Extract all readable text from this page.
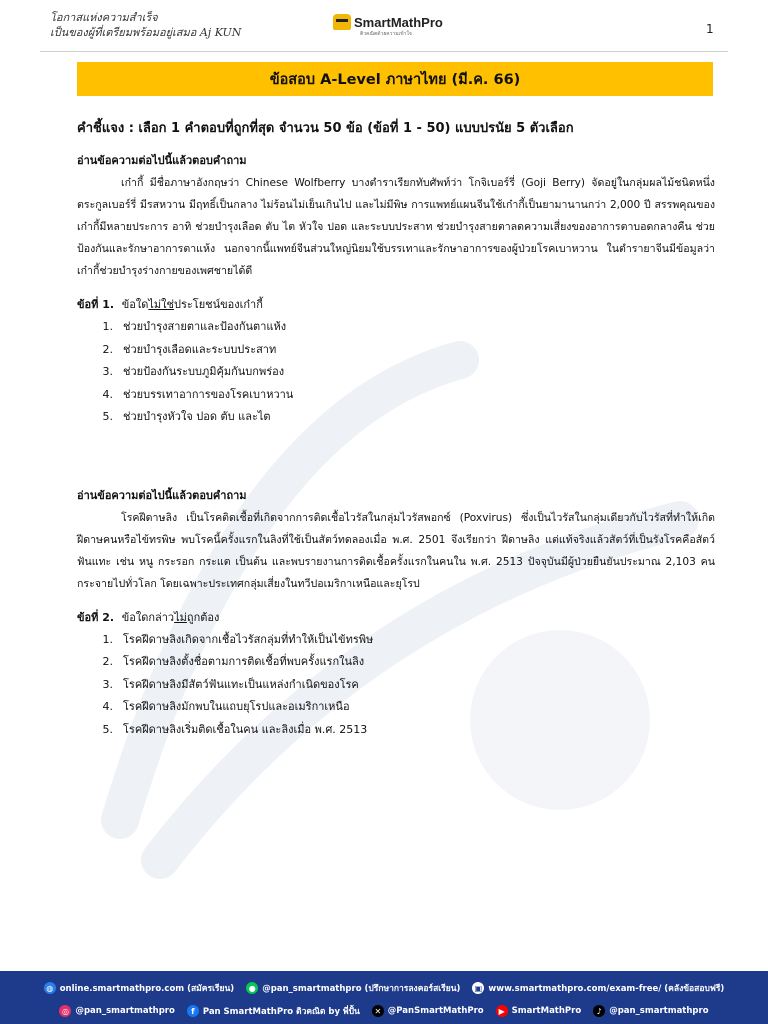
โอกาสแห่งความสำเร็จ
เป็นของผู้ที่เตรียมพร้อมอยู่เสมอ Aj KUN
SmartMathPro
ติวคณิตด้วยความเข้าใจ	1
ข้อสอบ A-Level ภาษาไทย (มี.ค. 66)

คำชี้แจง : เลือก 1 คำตอบที่ถูกที่สุด จำนวน 50 ข้อ (ข้อที่ 1 - 50) แบบปรนัย 5 ตัวเลือก

อ่านข้อความต่อไปนี้แล้วตอบคำถาม

เก๋ากี้ มีชื่อภาษาอังกฤษว่า Chinese Wolfberry บางตำราเรียกทับศัพท์ว่า โกจิเบอร์รี่ (Goji Berry) จัดอยู่ในกลุ่มผลไม้ชนิดหนึ่งตระกูลเบอร์รี่ มีรสหวาน มีฤทธิ์เป็นกลาง ไม่ร้อนไม่เย็นเกินไป และไม่มีพิษ การแพทย์แผนจีนใช้เก๋ากี้เป็นยามานานกว่า 2,000 ปี สรรพคุณของเก๋ากี้มีหลายประการ อาทิ ช่วยบำรุงเลือด ตับ ไต หัวใจ ปอด และระบบประสาท ช่วยบำรุงสายตาลดความเสี่ยงของอาการตาบอดกลางคืน ช่วยป้องกันและรักษาอาการตาแห้ง นอกจากนี้แพทย์จีนส่วนใหญ่นิยมใช้บรรเทาและรักษาอาการของผู้ป่วยโรคเบาหวาน ในตำรายาจีนมีข้อมูลว่าเก๋ากี้ช่วยบำรุงร่างกายของเพศชายได้ดี

ข้อที่ 1. ข้อใดไม่ใช่ประโยชน์ของเก๋ากี้

1. ช่วยบำรุงสายตาและป้องกันตาแห้ง
2. ช่วยบำรุงเลือดและระบบประสาท
3. ช่วยป้องกันระบบภูมิคุ้มกันบกพร่อง
4. ช่วยบรรเทาอาการของโรคเบาหวาน
5. ช่วยบำรุงหัวใจ ปอด ตับ และไต

อ่านข้อความต่อไปนี้แล้วตอบคำถาม

โรคฝีดาษลิง เป็นโรคติดเชื้อที่เกิดจากการติดเชื้อไวรัสในกลุ่มไวรัสพอกซ์ (Poxvirus) ซึ่งเป็นไวรัสในกลุ่มเดียวกับไวรัสที่ทำให้เกิดฝีดาษคนหรือไข้ทรพิษ พบโรคนี้ครั้งแรกในลิงที่ใช้เป็นสัตว์ทดลองเมื่อ พ.ศ. 2501 จึงเรียกว่า ฝีดาษลิง แต่แท้จริงแล้วสัตว์ที่เป็นรังโรคคือสัตว์ฟันแทะ เช่น หนู กระรอก กระแต เป็นต้น และพบรายงานการติดเชื้อครั้งแรกในคนใน พ.ศ. 2513 ปัจจุบันมีผู้ป่วยยืนยันประมาณ 2,103 คน กระจายไปทั่วโลก โดยเฉพาะประเทศกลุ่มเสี่ยงในทวีปอเมริกาเหนือและยุโรป

ข้อที่ 2. ข้อใดกล่าวไม่ถูกต้อง

1. โรคฝีดาษลิงเกิดจากเชื้อไวรัสกลุ่มที่ทำให้เป็นไข้ทรพิษ
2. โรคฝีดาษลิงตั้งชื่อตามการติดเชื้อที่พบครั้งแรกในลิง
3. โรคฝีดาษลิงมีสัตว์ฟันแทะเป็นแหล่งกำเนิดของโรค
4. โรคฝีดาษลิงมักพบในแถบยุโรปและอเมริกาเหนือ
5. โรคฝีดาษลิงเริ่มติดเชื้อในคน และลิงเมื่อ พ.ศ. 2513
◍ online.smartmathpro.com (สมัครเรียน)	● @pan_smartmathpro (ปรึกษาการลงคอร์สเรียน) ▣ www.smartmathpro.com/exam-free/ (คลังข้อสอบฟรี)
◎ @pan_smartmathpro	f Pan SmartMathPro ติวคณิต by พี่ปั้น	✕ @PanSmartMathPro	▶ SmartMathPro	♪ @pan_smartmathpro
